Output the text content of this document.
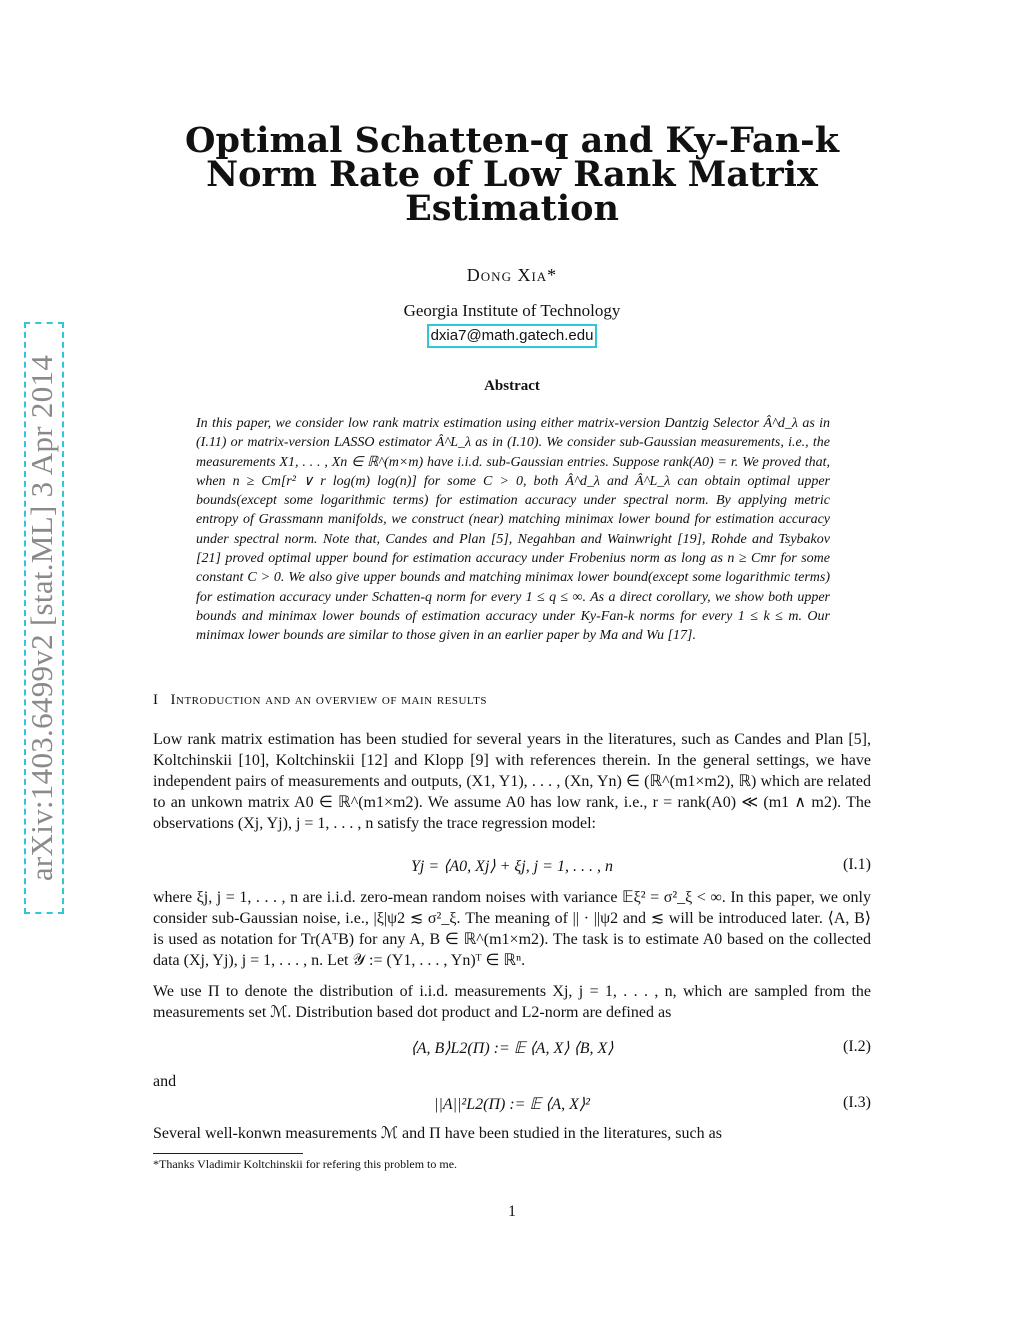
arXiv:1403.6499v2 [stat.ML] 3 Apr 2014
Optimal Schatten-q and Ky-Fan-k
Norm Rate of Low Rank Matrix
Estimation
Dong Xia*
Georgia Institute of Technology
dxia7@math.gatech.edu
Abstract
In this paper, we consider low rank matrix estimation using either matrix-version Dantzig Selector Â^d_λ as in (I.11) or matrix-version LASSO estimator Â^L_λ as in (I.10). We consider sub-Gaussian measurements, i.e., the measurements X1, . . . , Xn ∈ ℝ^(m×m) have i.i.d. sub-Gaussian entries. Suppose rank(A0) = r. We proved that, when n ≥ Cm[r² ∨ r log(m) log(n)] for some C > 0, both Â^d_λ and Â^L_λ can obtain optimal upper bounds(except some logarithmic terms) for estimation accuracy under spectral norm. By applying metric entropy of Grassmann manifolds, we construct (near) matching minimax lower bound for estimation accuracy under spectral norm. Note that, Candes and Plan [5], Negahban and Wainwright [19], Rohde and Tsybakov [21] proved optimal upper bound for estimation accuracy under Frobenius norm as long as n ≥ Cmr for some constant C > 0. We also give upper bounds and matching minimax lower bound(except some logarithmic terms) for estimation accuracy under Schatten-q norm for every 1 ≤ q ≤ ∞. As a direct corollary, we show both upper bounds and minimax lower bounds of estimation accuracy under Ky-Fan-k norms for every 1 ≤ k ≤ m. Our minimax lower bounds are similar to those given in an earlier paper by Ma and Wu [17].
I Introduction and an overview of main results
Low rank matrix estimation has been studied for several years in the literatures, such as Candes and Plan [5], Koltchinskii [10], Koltchinskii [12] and Klopp [9] with references therein. In the general settings, we have independent pairs of measurements and outputs, (X1, Y1), . . . , (Xn, Yn) ∈ (ℝ^(m1×m2), ℝ) which are related to an unkown matrix A0 ∈ ℝ^(m1×m2). We assume A0 has low rank, i.e., r = rank(A0) ≪ (m1 ∧ m2). The observations (Xj, Yj), j = 1, . . . , n satisfy the trace regression model:
Yj = ⟨A0, Xj⟩ + ξj, j = 1, . . . , n	(I.1)
where ξj, j = 1, . . . , n are i.i.d. zero-mean random noises with variance 𝔼ξ² = σ²_ξ < ∞. In this paper, we only consider sub-Gaussian noise, i.e., |ξ|ψ2 ≲ σ²_ξ. The meaning of || · ||ψ2 and ≲ will be introduced later. ⟨A, B⟩ is used as notation for Tr(AᵀB) for any A, B ∈ ℝ^(m1×m2). The task is to estimate A0 based on the collected data (Xj, Yj), j = 1, . . . , n. Let 𝒴 := (Y1, . . . , Yn)ᵀ ∈ ℝⁿ.
We use Π to denote the distribution of i.i.d. measurements Xj, j = 1, . . . , n, which are sampled from the measurements set ℳ. Distribution based dot product and L2-norm are defined as
⟨A, B⟩L2(Π) := 𝔼 ⟨A, X⟩ ⟨B, X⟩	(I.2)
and
||A||²L2(Π) := 𝔼 ⟨A, X⟩²	(I.3)
Several well-konwn measurements ℳ and Π have been studied in the literatures, such as
*Thanks Vladimir Koltchinskii for refering this problem to me.
1
